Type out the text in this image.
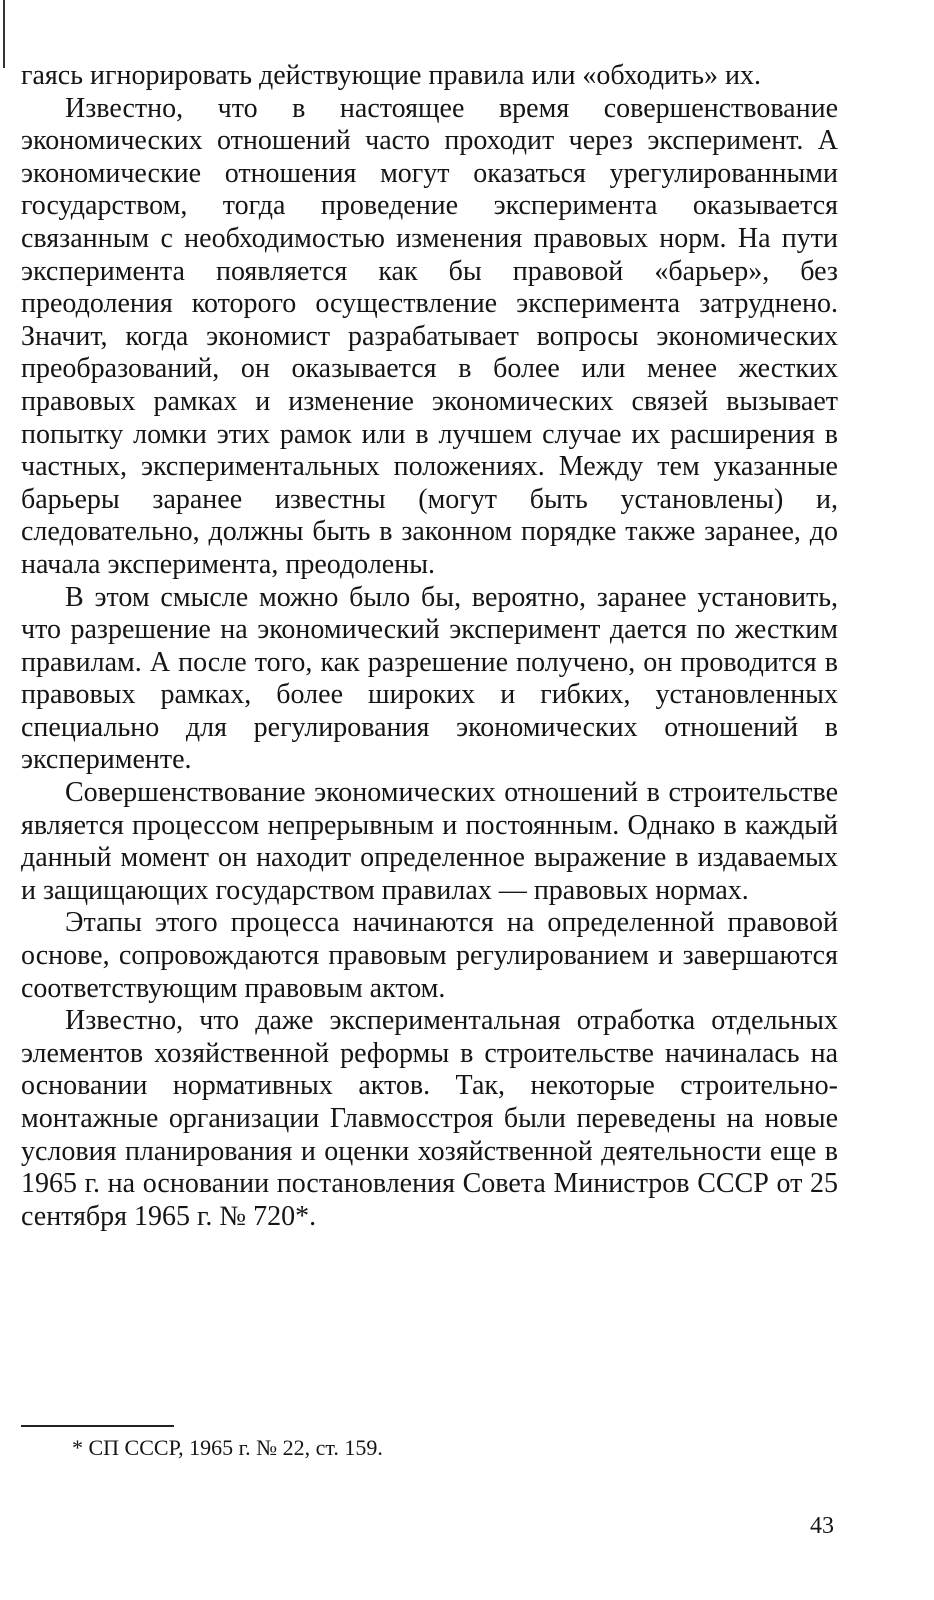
гаясь игнорировать действующие правила или «обходить» их.

Известно, что в настоящее время совершенствование экономических отношений часто проходит через эксперимент. А экономические отношения могут оказаться урегулированными государством, тогда проведение эксперимента оказывается связанным с необходимостью изменения правовых норм. На пути эксперимента появляется как бы правовой «барьер», без преодоления которого осуществление эксперимента затруднено. Значит, когда экономист разрабатывает вопросы экономических преобразований, он оказывается в более или менее жестких правовых рамках и изменение экономических связей вызывает попытку ломки этих рамок или в лучшем случае их расширения в частных, экспериментальных положениях. Между тем указанные барьеры заранее известны (могут быть установлены) и, следовательно, должны быть в законном порядке также заранее, до начала эксперимента, преодолены.

В этом смысле можно было бы, вероятно, заранее установить, что разрешение на экономический эксперимент дается по жестким правилам. А после того, как разрешение получено, он проводится в правовых рамках, более широких и гибких, установленных специально для регулирования экономических отношений в эксперименте.

Совершенствование экономических отношений в строительстве является процессом непрерывным и постоянным. Однако в каждый данный момент он находит определенное выражение в издаваемых и защищающих государством правилах — правовых нормах.

Этапы этого процесса начинаются на определенной правовой основе, сопровождаются правовым регулированием и завершаются соответствующим правовым актом.

Известно, что даже экспериментальная отработка отдельных элементов хозяйственной реформы в строительстве начиналась на основании нормативных актов. Так, некоторые строительно-монтажные организации Главмосстроя были переведены на новые условия планирования и оценки хозяйственной деятельности еще в 1965 г. на основании постановления Совета Министров СССР от 25 сентября 1965 г. № 720*.

* СП СССР, 1965 г. № 22, ст. 159.
43
